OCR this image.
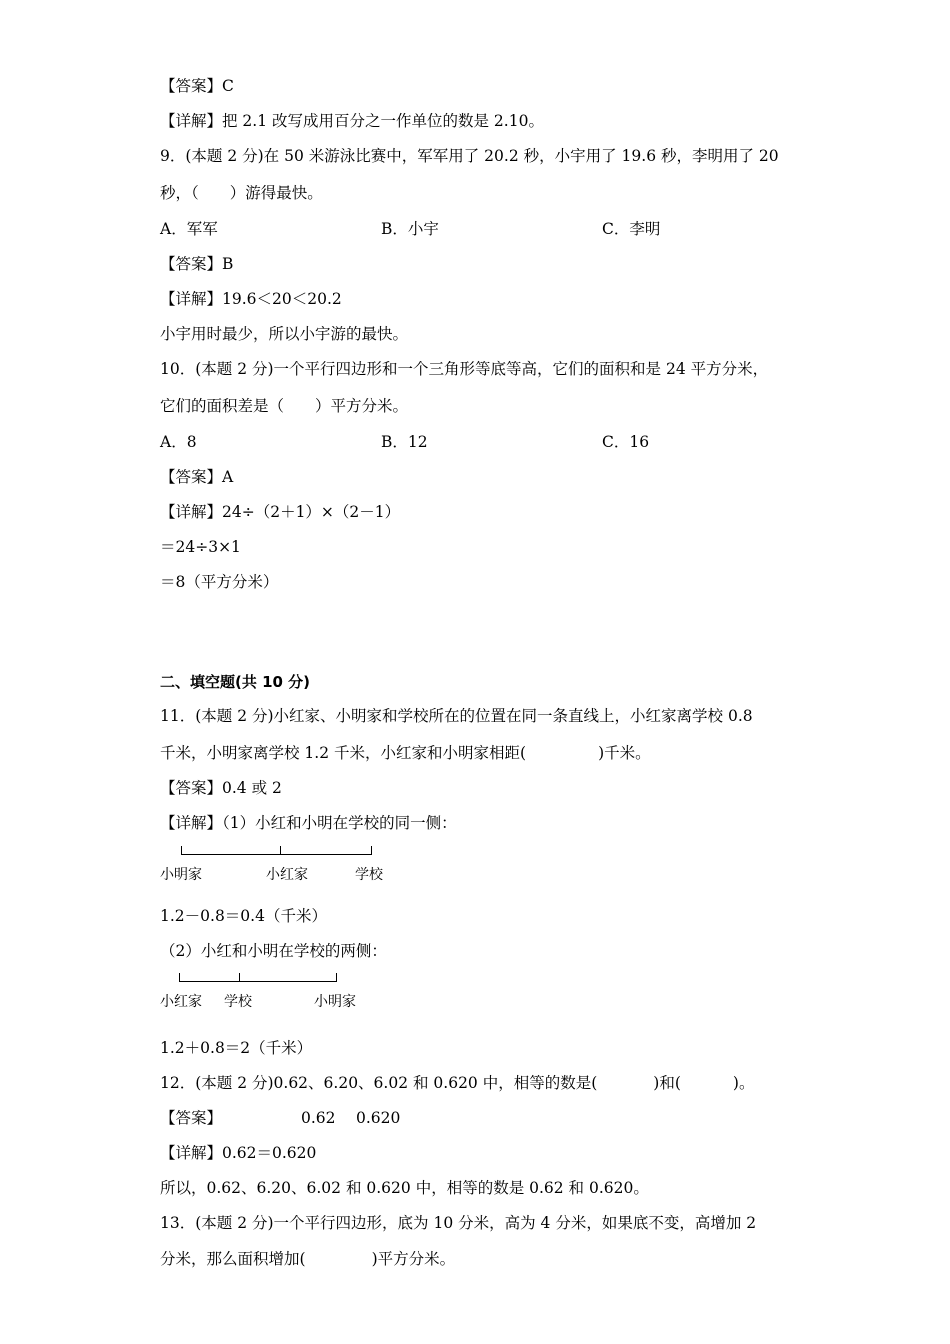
【答案】C
【详解】把 2.1 改写成用百分之一作单位的数是 2.10。
9．(本题 2 分)在 50 米游泳比赛中，军军用了 20.2 秒，小宇用了 19.6 秒，李明用了 20
秒，（　　）游得最快。
A．军军	B．小宇	C．李明
【答案】B
【详解】19.6＜20＜20.2
小宇用时最少，所以小宇游的最快。
10．(本题 2 分)一个平行四边形和一个三角形等底等高，它们的面积和是 24 平方分米，
它们的面积差是（　　）平方分米。
A．8	B．12	C．16
【答案】A
【详解】24÷（2＋1）×（2－1）
＝24÷3×1
＝8（平方分米）
二、填空题(共 10 分)
11．(本题 2 分)小红家、小明家和学校所在的位置在同一条直线上，小红家离学校 0.8
千米，小明家离学校 1.2 千米，小红家和小明家相距(	)千米。
【答案】0.4 或 2
【详解】（1）小红和小明在学校的同一侧：
小明家	小红家	学校
1.2－0.8＝0.4（千米）
（2）小红和小明在学校的两侧：
小红家 学校	小明家
1.2＋0.8＝2（千米）
12．(本题 2 分)0.62、6.20、6.02 和 0.620 中，相等的数是(	)和(	)。
【答案】	0.62 0.620
【详解】0.62＝0.620
所以，0.62、6.20、6.02 和 0.620 中，相等的数是 0.62 和 0.620。
13．(本题 2 分)一个平行四边形，底为 10 分米，高为 4 分米，如果底不变，高增加 2
分米，那么面积增加(	)平方分米。
